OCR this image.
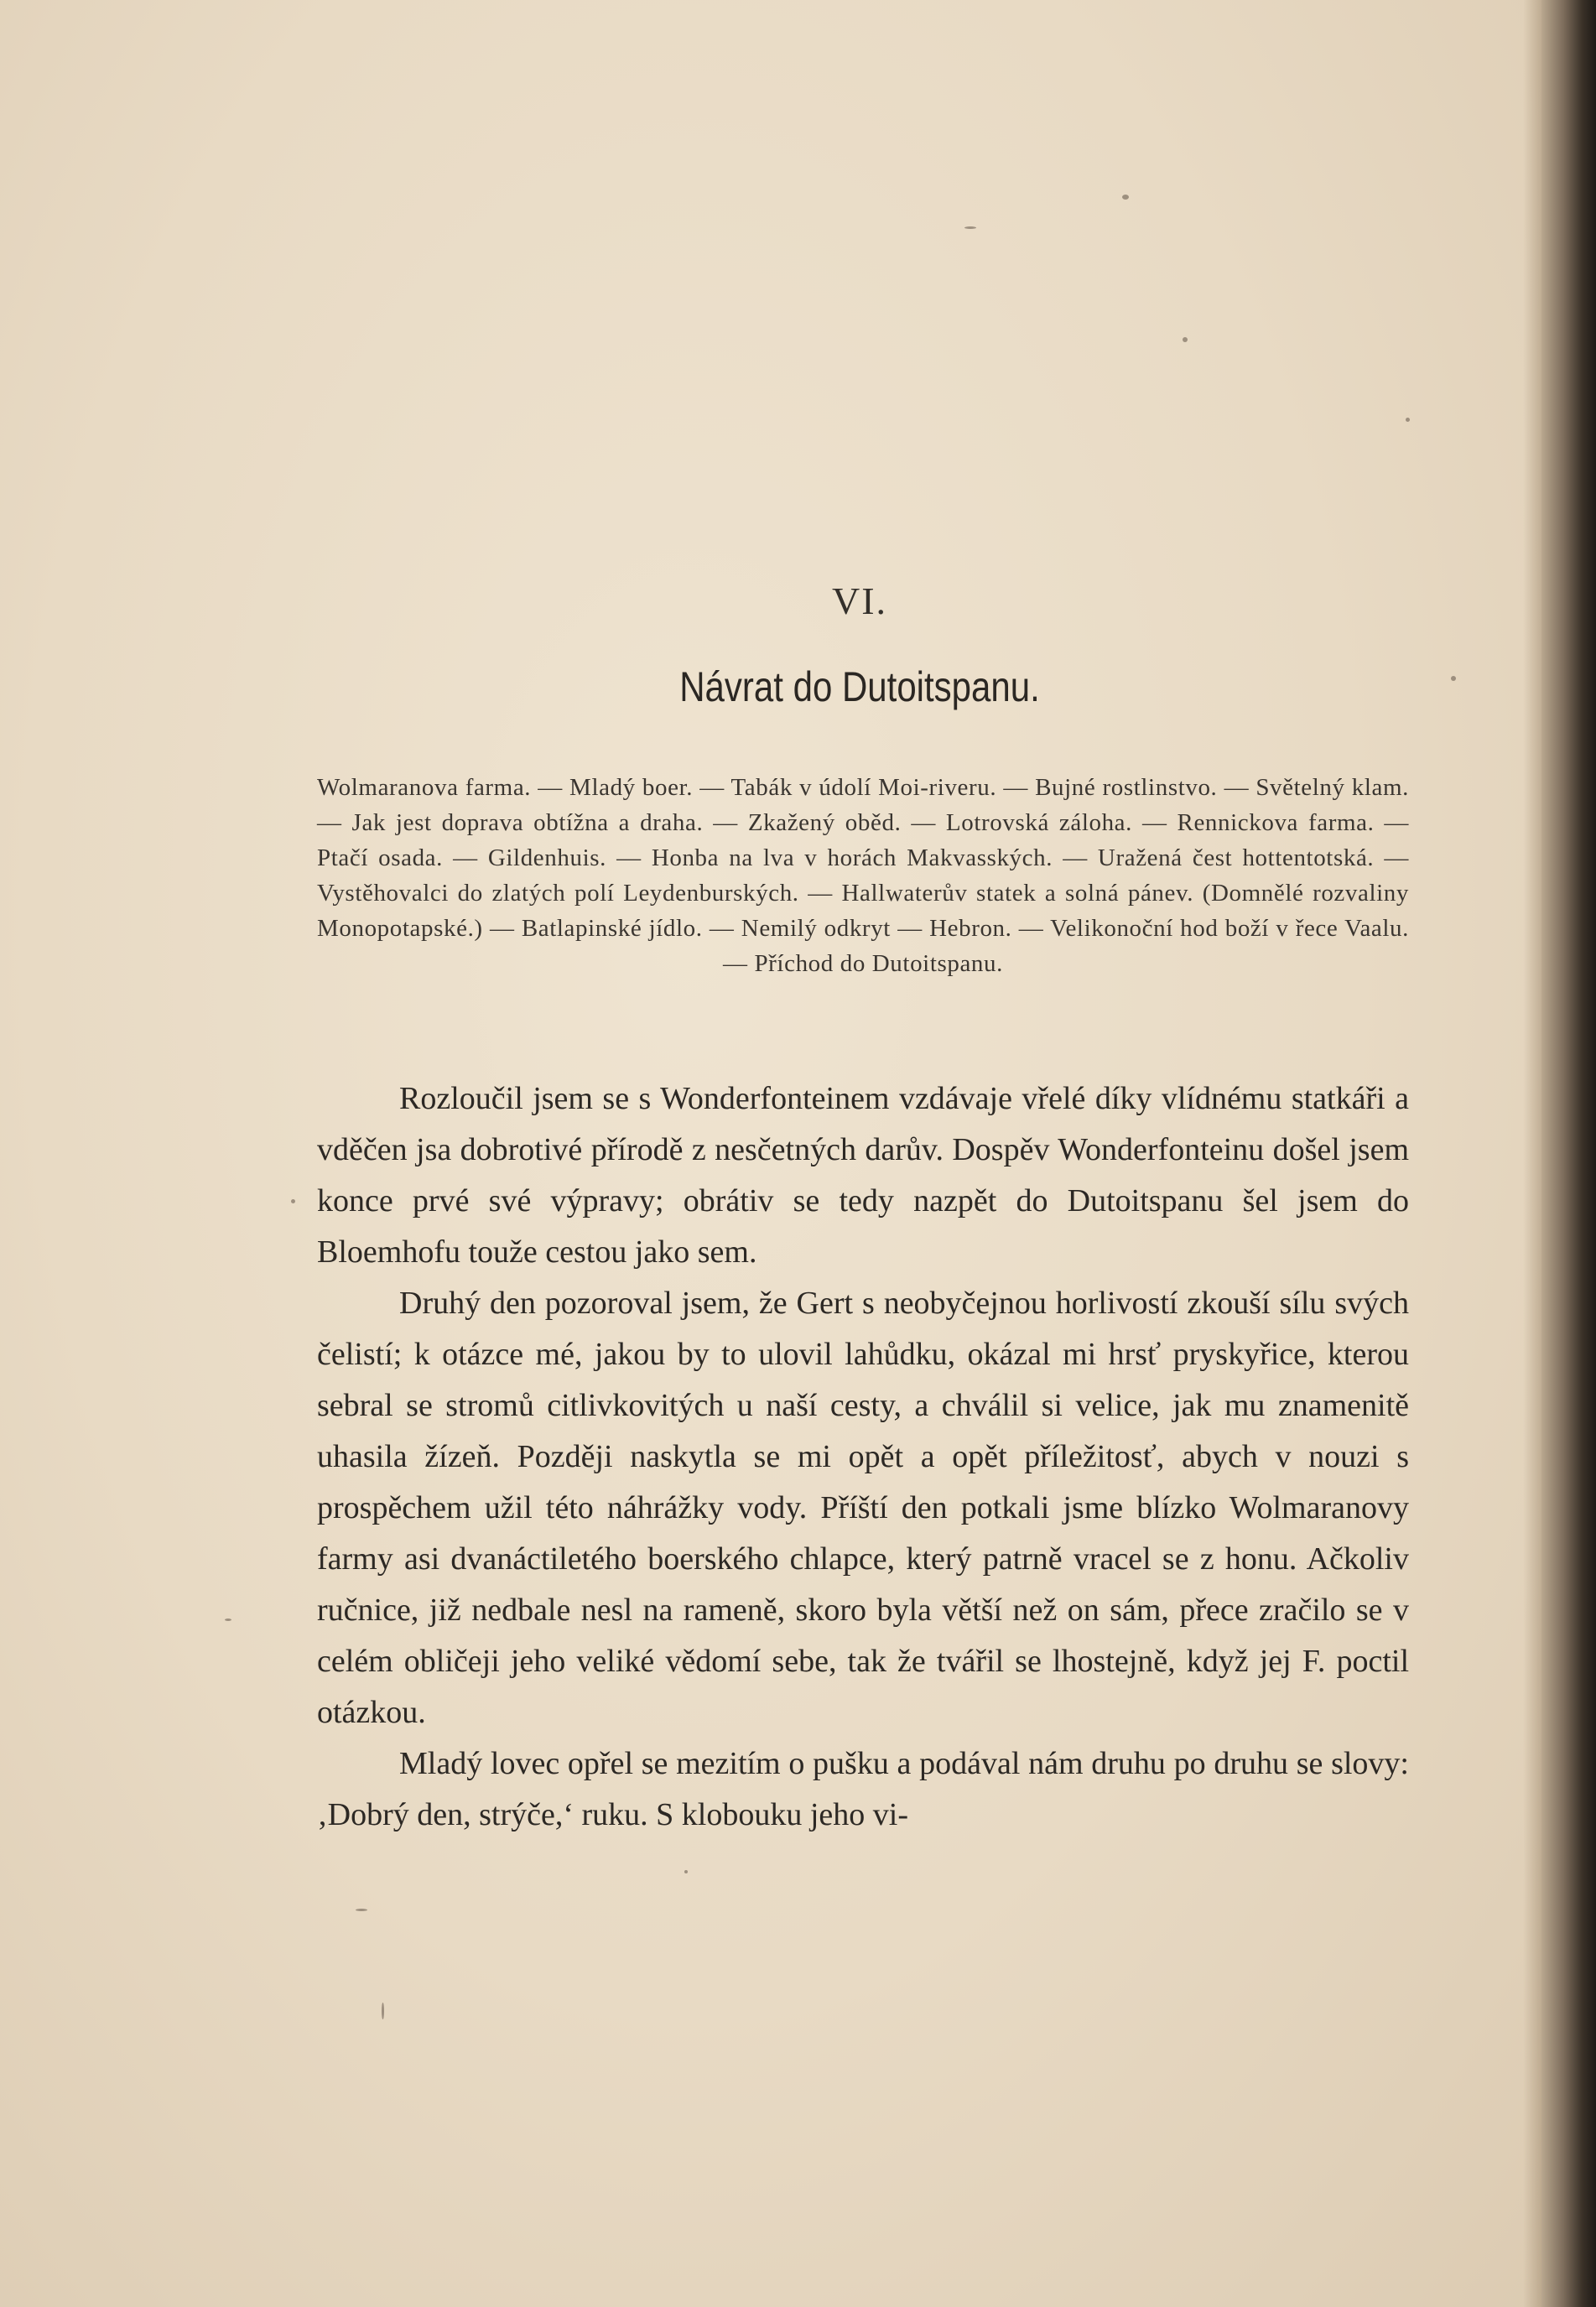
VI.
Návrat do Dutoitspanu.
Wolmaranova farma. — Mladý boer. — Tabák v údolí Moi-riveru. — Bujné rostlinstvo. — Světelný klam. — Jak jest doprava obtížna a draha. — Zkažený oběd. — Lotrovská záloha. — Rennickova farma. — Ptačí osada. — Gildenhuis. — Honba na lva v horách Makvasských. — Uražená čest hottentotská. — Vystěhovalci do zlatých polí Leydenburských. — Hallwaterův statek a solná pánev. (Domnělé rozvaliny Monopotapské.) — Batlapinské jídlo. — Nemilý odkryt — Hebron. — Velikonoční hod boží v řece Vaalu. — Příchod do Dutoitspanu.

Rozloučil jsem se s Wonderfonteinem vzdávaje vřelé díky vlídnému statkáři a vděčen jsa dobrotivé přírodě z nesčetných darův. Dospěv Wonderfonteinu došel jsem konce prvé své výpravy; obrátiv se tedy nazpět do Dutoitspanu šel jsem do Bloemhofu touže cestou jako sem.

Druhý den pozoroval jsem, že Gert s neobyčejnou horlivostí zkouší sílu svých čelistí; k otázce mé, jakou by to ulovil lahůdku, okázal mi hrsť pryskyřice, kterou sebral se stromů citlivkovitých u naší cesty, a chválil si velice, jak mu znamenitě uhasila žízeň. Později naskytla se mi opět a opět příležitosť, abych v nouzi s prospěchem užil této náhrážky vody. Příští den potkali jsme blízko Wolmaranovy farmy asi dvanáctiletého boerského chlapce, který patrně vracel se z honu. Ačkoliv ručnice, již nedbale nesl na rameně, skoro byla větší než on sám, přece zračilo se v celém obličeji jeho veliké vědomí sebe, tak že tvářil se lhostejně, když jej F. poctil otázkou.

Mladý lovec opřel se mezitím o pušku a podával nám druhu po druhu se slovy: ‚Dobrý den, strýče,‘ ruku. S klobouku jeho vi-
